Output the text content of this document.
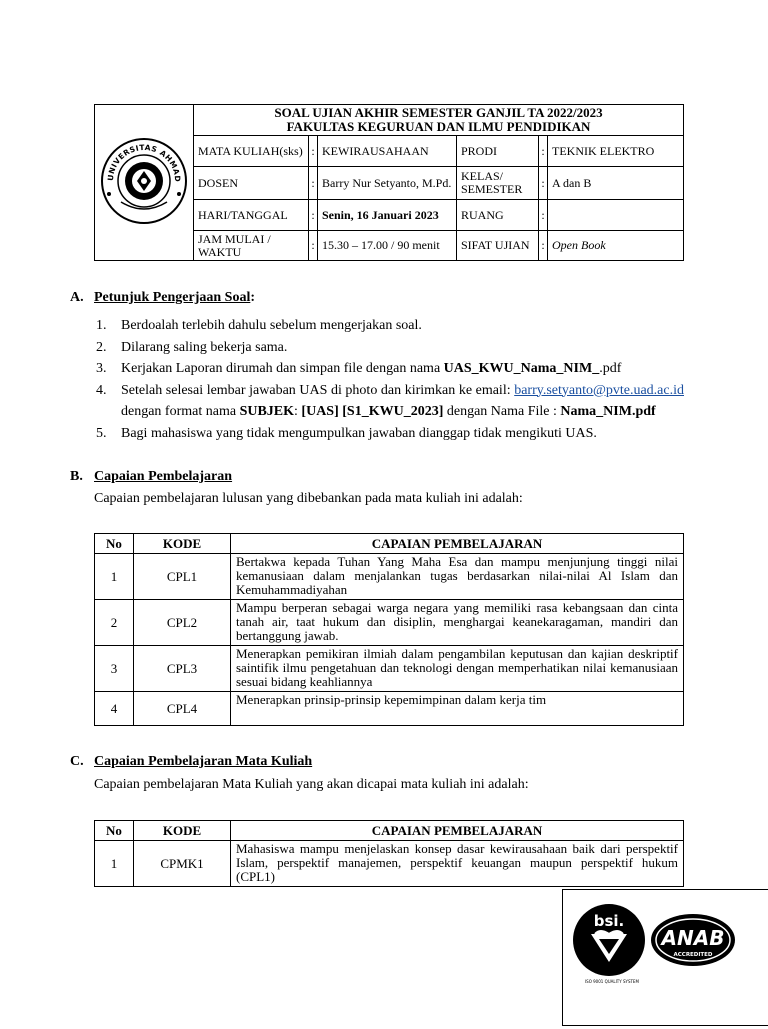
UNIVERSITAS AHMAD	SOAL UJIAN AKHIR SEMESTER GANJIL TA 2022/2023
FAKULTAS KEGURUAN DAN ILMU PENDIDIKAN					

	MATA KULIAH(sks)	:	KEWIRAUSAHAAN	PRODI	:	TEKNIK ELEKTRO
	DOSEN	:	Barry Nur Setyanto, M.Pd.	KELAS/ SEMESTER	:	A dan B
	HARI/TANGGAL	:	Senin, 16 Januari 2023	RUANG	:	
	JAM MULAI / WAKTU	:	15.30 – 17.00 / 90 menit	SIFAT UJIAN	:	Open Book
A. Petunjuk Pengerjaan Soal:
1. Berdoalah terlebih dahulu sebelum mengerjakan soal.
2. Dilarang saling bekerja sama.
3. Kerjakan Laporan dirumah dan simpan file dengan nama UAS_KWU_Nama_NIM_.pdf
4. Setelah selesai lembar jawaban UAS di photo dan kirimkan ke email: barry.setyanto@pvte.uad.ac.id dengan format nama SUBJEK: [UAS] [S1_KWU_2023] dengan Nama File : Nama_NIM.pdf
5. Bagi mahasiswa yang tidak mengumpulkan jawaban dianggap tidak mengikuti UAS.
B. Capaian Pembelajaran
Capaian pembelajaran lulusan yang dibebankan pada mata kuliah ini adalah:
No	KODE	CAPAIAN PEMBELAJARAN
1	CPL1	Bertakwa kepada Tuhan Yang Maha Esa dan mampu menjunjung tinggi nilai kemanusiaan dalam menjalankan tugas berdasarkan nilai-nilai Al Islam dan Kemuhammadiyahan
2	CPL2	Mampu berperan sebagai warga negara yang memiliki rasa kebangsaan dan cinta tanah air, taat hukum dan disiplin, menghargai keanekaragaman, mandiri dan bertanggung jawab.
3	CPL3	Menerapkan pemikiran ilmiah dalam pengambilan keputusan dan kajian deskriptif saintifik ilmu pengetahuan dan teknologi dengan memperhatikan nilai kemanusiaan sesuai bidang keahliannya
4	CPL4	Menerapkan prinsip-prinsip kepemimpinan dalam kerja tim
C. Capaian Pembelajaran Mata Kuliah
Capaian pembelajaran Mata Kuliah yang akan dicapai mata kuliah ini adalah:
No	KODE	CAPAIAN PEMBELAJARAN
1	CPMK1	Mahasiswa mampu menjelaskan konsep dasar kewirausahaan baik dari perspektif Islam, perspektif manajemen, perspektif keuangan maupun perspektif hukum (CPL1)
bsi.
ANAB
ACCREDITED
ISO 9001 QUALITY SYSTEM
